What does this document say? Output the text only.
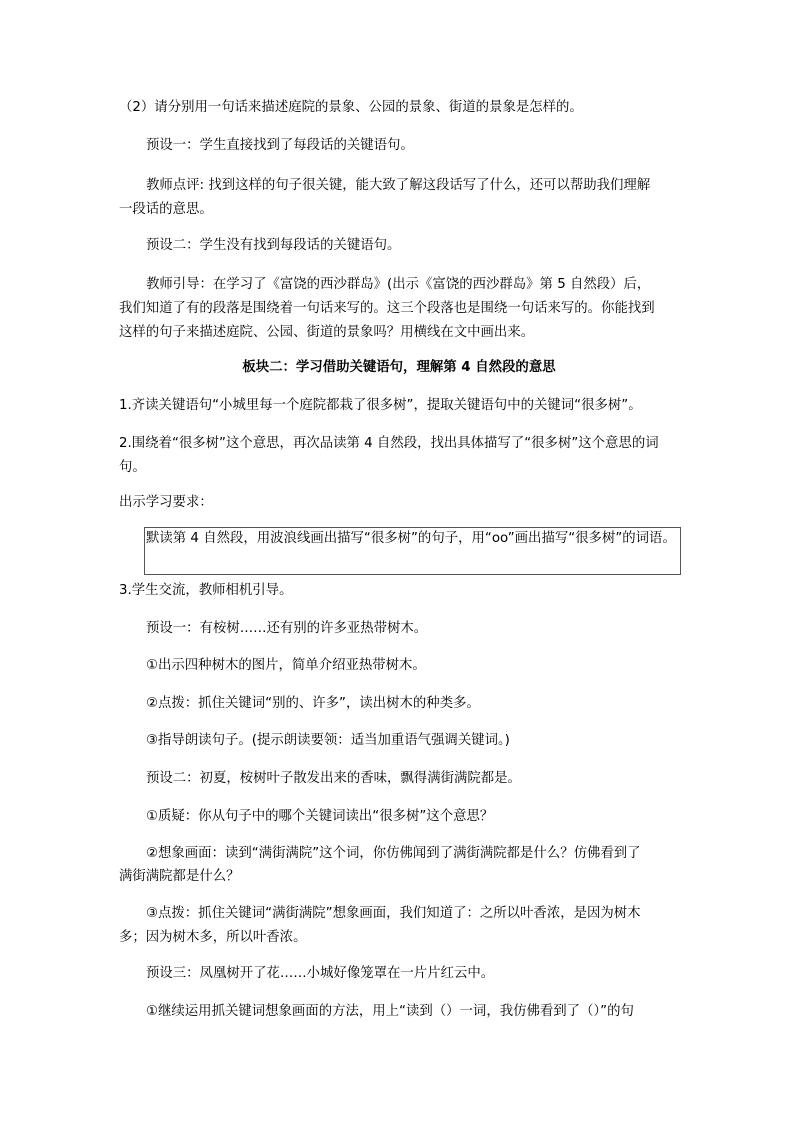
（2）请分别用一句话来描述庭院的景象、公园的景象、街道的景象是怎样的。

预设一：学生直接找到了每段话的关键语句。

教师点评: 找到这样的句子很关键，能大致了解这段话写了什么，还可以帮助我们理解

一段话的意思。

预设二：学生没有找到每段话的关键语句。

教师引导：在学习了《富饶的西沙群岛》(出示《富饶的西沙群岛》第 5 自然段）后，

我们知道了有的段落是围绕着一句话来写的。这三个段落也是围绕一句话来写的。你能找到

这样的句子来描述庭院、公园、街道的景象吗？用横线在文中画出来。

板块二：学习借助关键语句，理解第 4 自然段的意思

1.齐读关键语句“小城里每一个庭院都栽了很多树”，提取关键语句中的关键词“很多树”。

2.围绕着“很多树”这个意思，再次品读第 4 自然段，找出具体描写了“很多树”这个意思的词

句。

出示学习要求：

默读第 4 自然段，用波浪线画出描写“很多树”的句子，用“oo”画出描写“很多树”的词语。

3.学生交流，教师相机引导。

预设一：有桉树……还有别的许多亚热带树木。

①出示四种树木的图片，简单介绍亚热带树木。

②点拨：抓住关键词“别的、许多”，读出树木的种类多。

③指导朗读句子。(提示朗读要领：适当加重语气强调关键词。)

预设二：初夏，桉树叶子散发出来的香味，飘得满街满院都是。

①质疑：你从句子中的哪个关键词读出“很多树”这个意思？

②想象画面：读到“满街满院”这个词，你仿佛闻到了满街满院都是什么？仿佛看到了

满街满院都是什么？

③点拨：抓住关键词“满街满院”想象画面，我们知道了：之所以叶香浓，是因为树木

多；因为树木多，所以叶香浓。

预设三：凤凰树开了花……小城好像笼罩在一片片红云中。

①继续运用抓关键词想象画面的方法，用上“读到（）一词，我仿佛看到了（）”的句
